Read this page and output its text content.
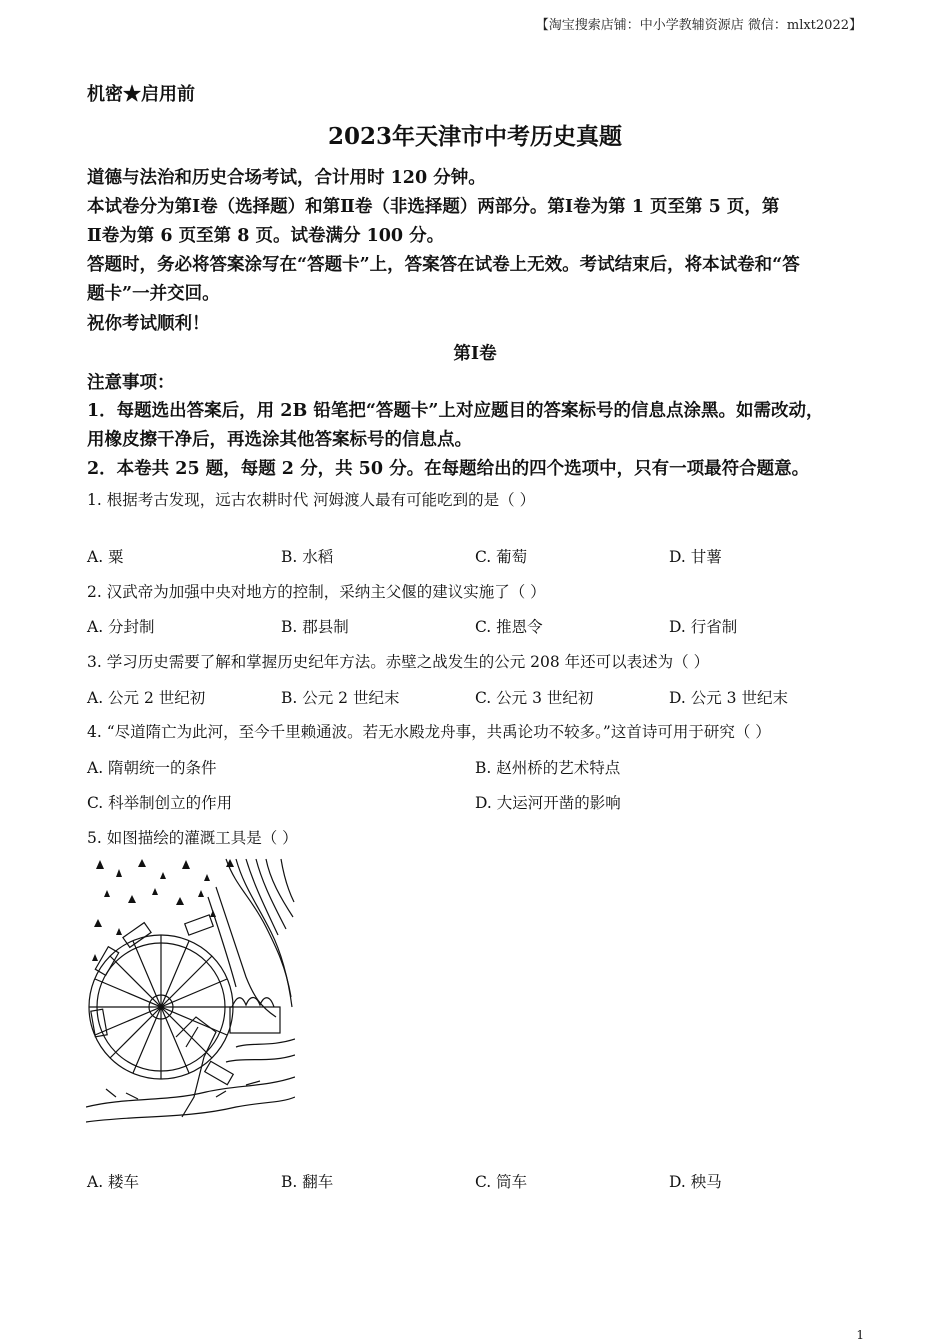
【淘宝搜索店铺：中小学教辅资源店 微信：mlxt2022】
机密★启用前
2023年天津市中考历史真题
道德与法治和历史合场考试，合计用时 120 分钟。
本试卷分为第Ⅰ卷（选择题）和第Ⅱ卷（非选择题）两部分。第Ⅰ卷为第 1 页至第 5 页，第
Ⅱ卷为第 6 页至第 8 页。试卷满分 100 分。
答题时，务必将答案涂写在“答题卡”上，答案答在试卷上无效。考试结束后，将本试卷和“答
题卡”一并交回。
祝你考试顺利！
第Ⅰ卷
注意事项：
1．每题选出答案后，用 2B 铅笔把“答题卡”上对应题目的答案标号的信息点涂黑。如需改动，
用橡皮擦干净后，再选涂其他答案标号的信息点。
2．本卷共 25 题，每题 2 分，共 50 分。在每题给出的四个选项中，只有一项最符合题意。
1. 根据考古发现，远古农耕时代 河姆渡人最有可能吃到的是（ ）
A. 粟	B. 水稻	C. 葡萄	D. 甘薯
2. 汉武帝为加强中央对地方的控制，采纳主父偃的建议实施了（ ）
A. 分封制	B. 郡县制	C. 推恩令	D. 行省制
3. 学习历史需要了解和掌握历史纪年方法。赤壁之战发生的公元 208 年还可以表述为（ ）
A. 公元 2 世纪初	B. 公元 2 世纪末	C. 公元 3 世纪初	D. 公元 3 世纪末
4. “尽道隋亡为此河，至今千里赖通波。若无水殿龙舟事，共禹论功不较多。”这首诗可用于研究（ ）
A. 隋朝统一的条件	B. 赵州桥的艺术特点
C. 科举制创立的作用	D. 大运河开凿的影响
5. 如图描绘的灌溉工具是（ ）
A. 耧车	B. 翻车	C. 筒车	D. 秧马
1
